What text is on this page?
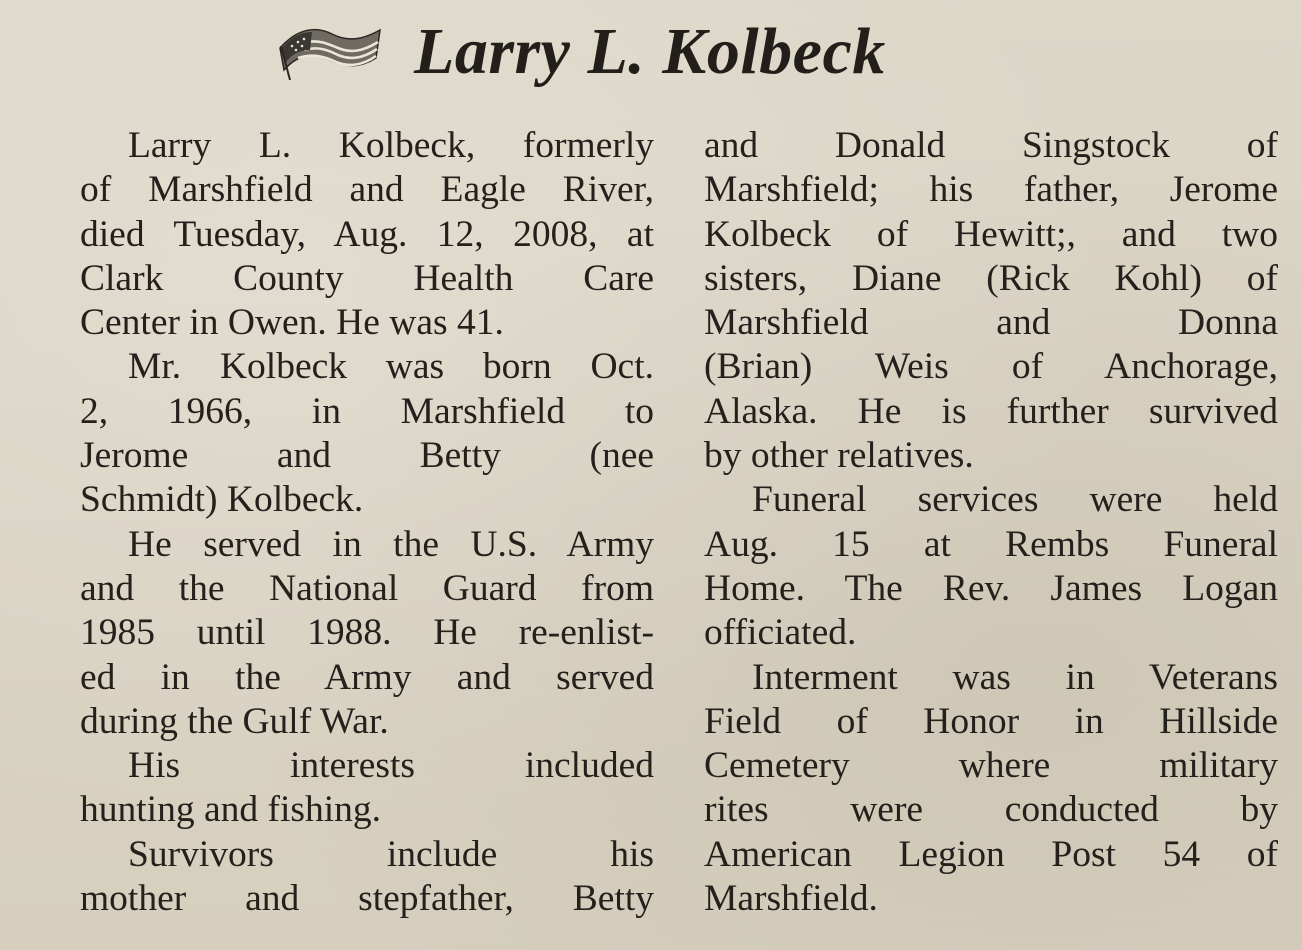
Larry L. Kolbeck
Larry L. Kolbeck, formerly
of Marshfield and Eagle River,
died Tuesday, Aug. 12, 2008, at
Clark County Health Care
Center in Owen. He was 41.
Mr. Kolbeck was born Oct.
2, 1966, in Marshfield to
Jerome and Betty (nee
Schmidt) Kolbeck.
He served in the U.S. Army
and the National Guard from
1985 until 1988. He re-enlist-
ed in the Army and served
during the Gulf War.
His interests included
hunting and fishing.
Survivors include his
mother and stepfather, Betty
and Donald Singstock of
Marshfield; his father, Jerome
Kolbeck of Hewitt;, and two
sisters, Diane (Rick Kohl) of
Marshfield and Donna
(Brian) Weis of Anchorage,
Alaska. He is further survived
by other relatives.
Funeral services were held
Aug. 15 at Rembs Funeral
Home. The Rev. James Logan
officiated.
Interment was in Veterans
Field of Honor in Hillside
Cemetery where military
rites were conducted by
American Legion Post 54 of
Marshfield.
